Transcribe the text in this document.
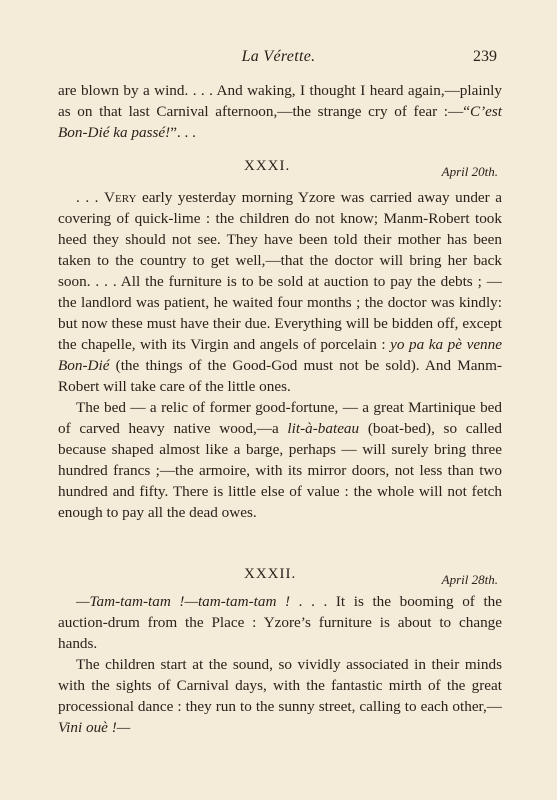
La Vérette.	239

are blown by a wind. . . . And waking, I thought I heard again,—plainly as on that last Carnival afternoon,—the strange cry of fear :—“C’est Bon-Dié ka passé!”. . .

XXXI.	April 20th.

. . . Very early yesterday morning Yzore was carried away under a covering of quick-lime : the children do not know; Manm-Robert took heed they should not see. They have been told their mother has been taken to the country to get well,—that the doctor will bring her back soon. . . . All the furniture is to be sold at auction to pay the debts ; — the landlord was patient, he waited four months ; the doctor was kindly: but now these must have their due. Everything will be bidden off, except the chapelle, with its Virgin and angels of porcelain : yo pa ka pè venne Bon-Dié (the things of the Good-God must not be sold). And Manm-Robert will take care of the little ones.

The bed — a relic of former good-fortune, — a great Martinique bed of carved heavy native wood,—a lit-à-bateau (boat-bed), so called because shaped almost like a barge, perhaps — will surely bring three hundred francs ;—the armoire, with its mirror doors, not less than two hundred and fifty. There is little else of value : the whole will not fetch enough to pay all the dead owes.

XXXII.	April 28th.

—Tam-tam-tam !—tam-tam-tam ! . . . It is the booming of the auction-drum from the Place : Yzore’s furniture is about to change hands.

The children start at the sound, so vividly associated in their minds with the sights of Carnival days, with the fantastic mirth of the great processional dance : they run to the sunny street, calling to each other,— Vini ouè !—
